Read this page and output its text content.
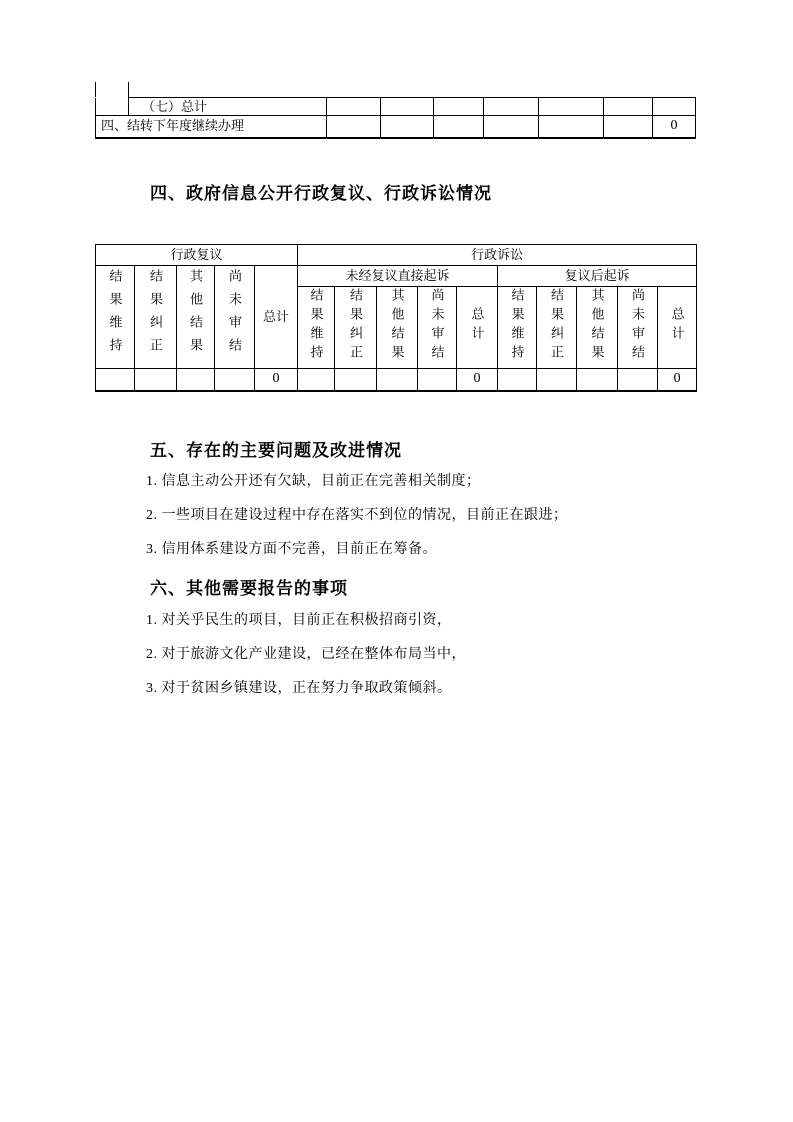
	（七）总计							
四、结转下年度继续办理								0
四、政府信息公开行政复议、行政诉讼情况
行政复议					行政诉讼									
结果维持	结果纠正	其他结果	尚未审结	总计	未经复议直接起诉					复议后起诉				
					结果维持	结果纠正	其他结果	尚未审结	总计	结果维持	结果纠正	其他结果	尚未审结	总计
				0					0					0
五、存在的主要问题及改进情况

1. 信息主动公开还有欠缺，目前正在完善相关制度；

2. 一些项目在建设过程中存在落实不到位的情况，目前正在跟进；

3. 信用体系建设方面不完善，目前正在筹备。

六、其他需要报告的事项

1. 对关乎民生的项目，目前正在积极招商引资，

2. 对于旅游文化产业建设，已经在整体布局当中，

3. 对于贫困乡镇建设，正在努力争取政策倾斜。
